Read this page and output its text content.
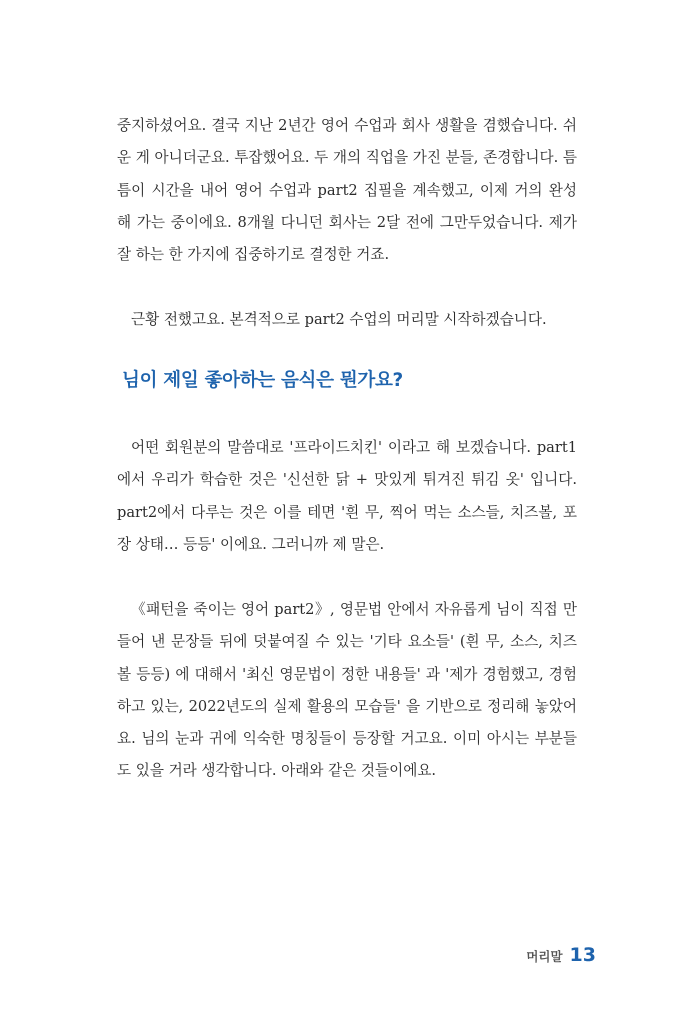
중지하셨어요. 결국 지난 2년간 영어 수업과 회사 생활을 겸했습니다. 쉬
운 게 아니더군요. 투잡했어요. 두 개의 직업을 가진 분들, 존경합니다. 틈
틈이 시간을 내어 영어 수업과 part2 집필을 계속했고, 이제 거의 완성
해 가는 중이에요. 8개월 다니던 회사는 2달 전에 그만두었습니다. 제가
잘 하는 한 가지에 집중하기로 결정한 거죠.
근황 전했고요. 본격적으로 part2 수업의 머리말 시작하겠습니다.
님이 제일 좋아하는 음식은 뭔가요?
어떤 회원분의 말씀대로 '프라이드치킨' 이라고 해 보겠습니다. part1
에서 우리가 학습한 것은 '신선한 닭 + 맛있게 튀겨진 튀김 옷' 입니다.
part2에서 다루는 것은 이를 테면 '흰 무, 찍어 먹는 소스들, 치즈볼, 포
장 상태… 등등' 이에요. 그러니까 제 말은.
《패턴을 죽이는 영어 part2》, 영문법 안에서 자유롭게 님이 직접 만
들어 낸 문장들 뒤에 덧붙여질 수 있는 '기타 요소들' (흰 무, 소스, 치즈
볼 등등) 에 대해서 '최신 영문법이 정한 내용들' 과 '제가 경험했고, 경험
하고 있는, 2022년도의 실제 활용의 모습들' 을 기반으로 정리해 놓았어
요. 님의 눈과 귀에 익숙한 명칭들이 등장할 거고요. 이미 아시는 부분들
도 있을 거라 생각합니다. 아래와 같은 것들이에요.
머리말 13
